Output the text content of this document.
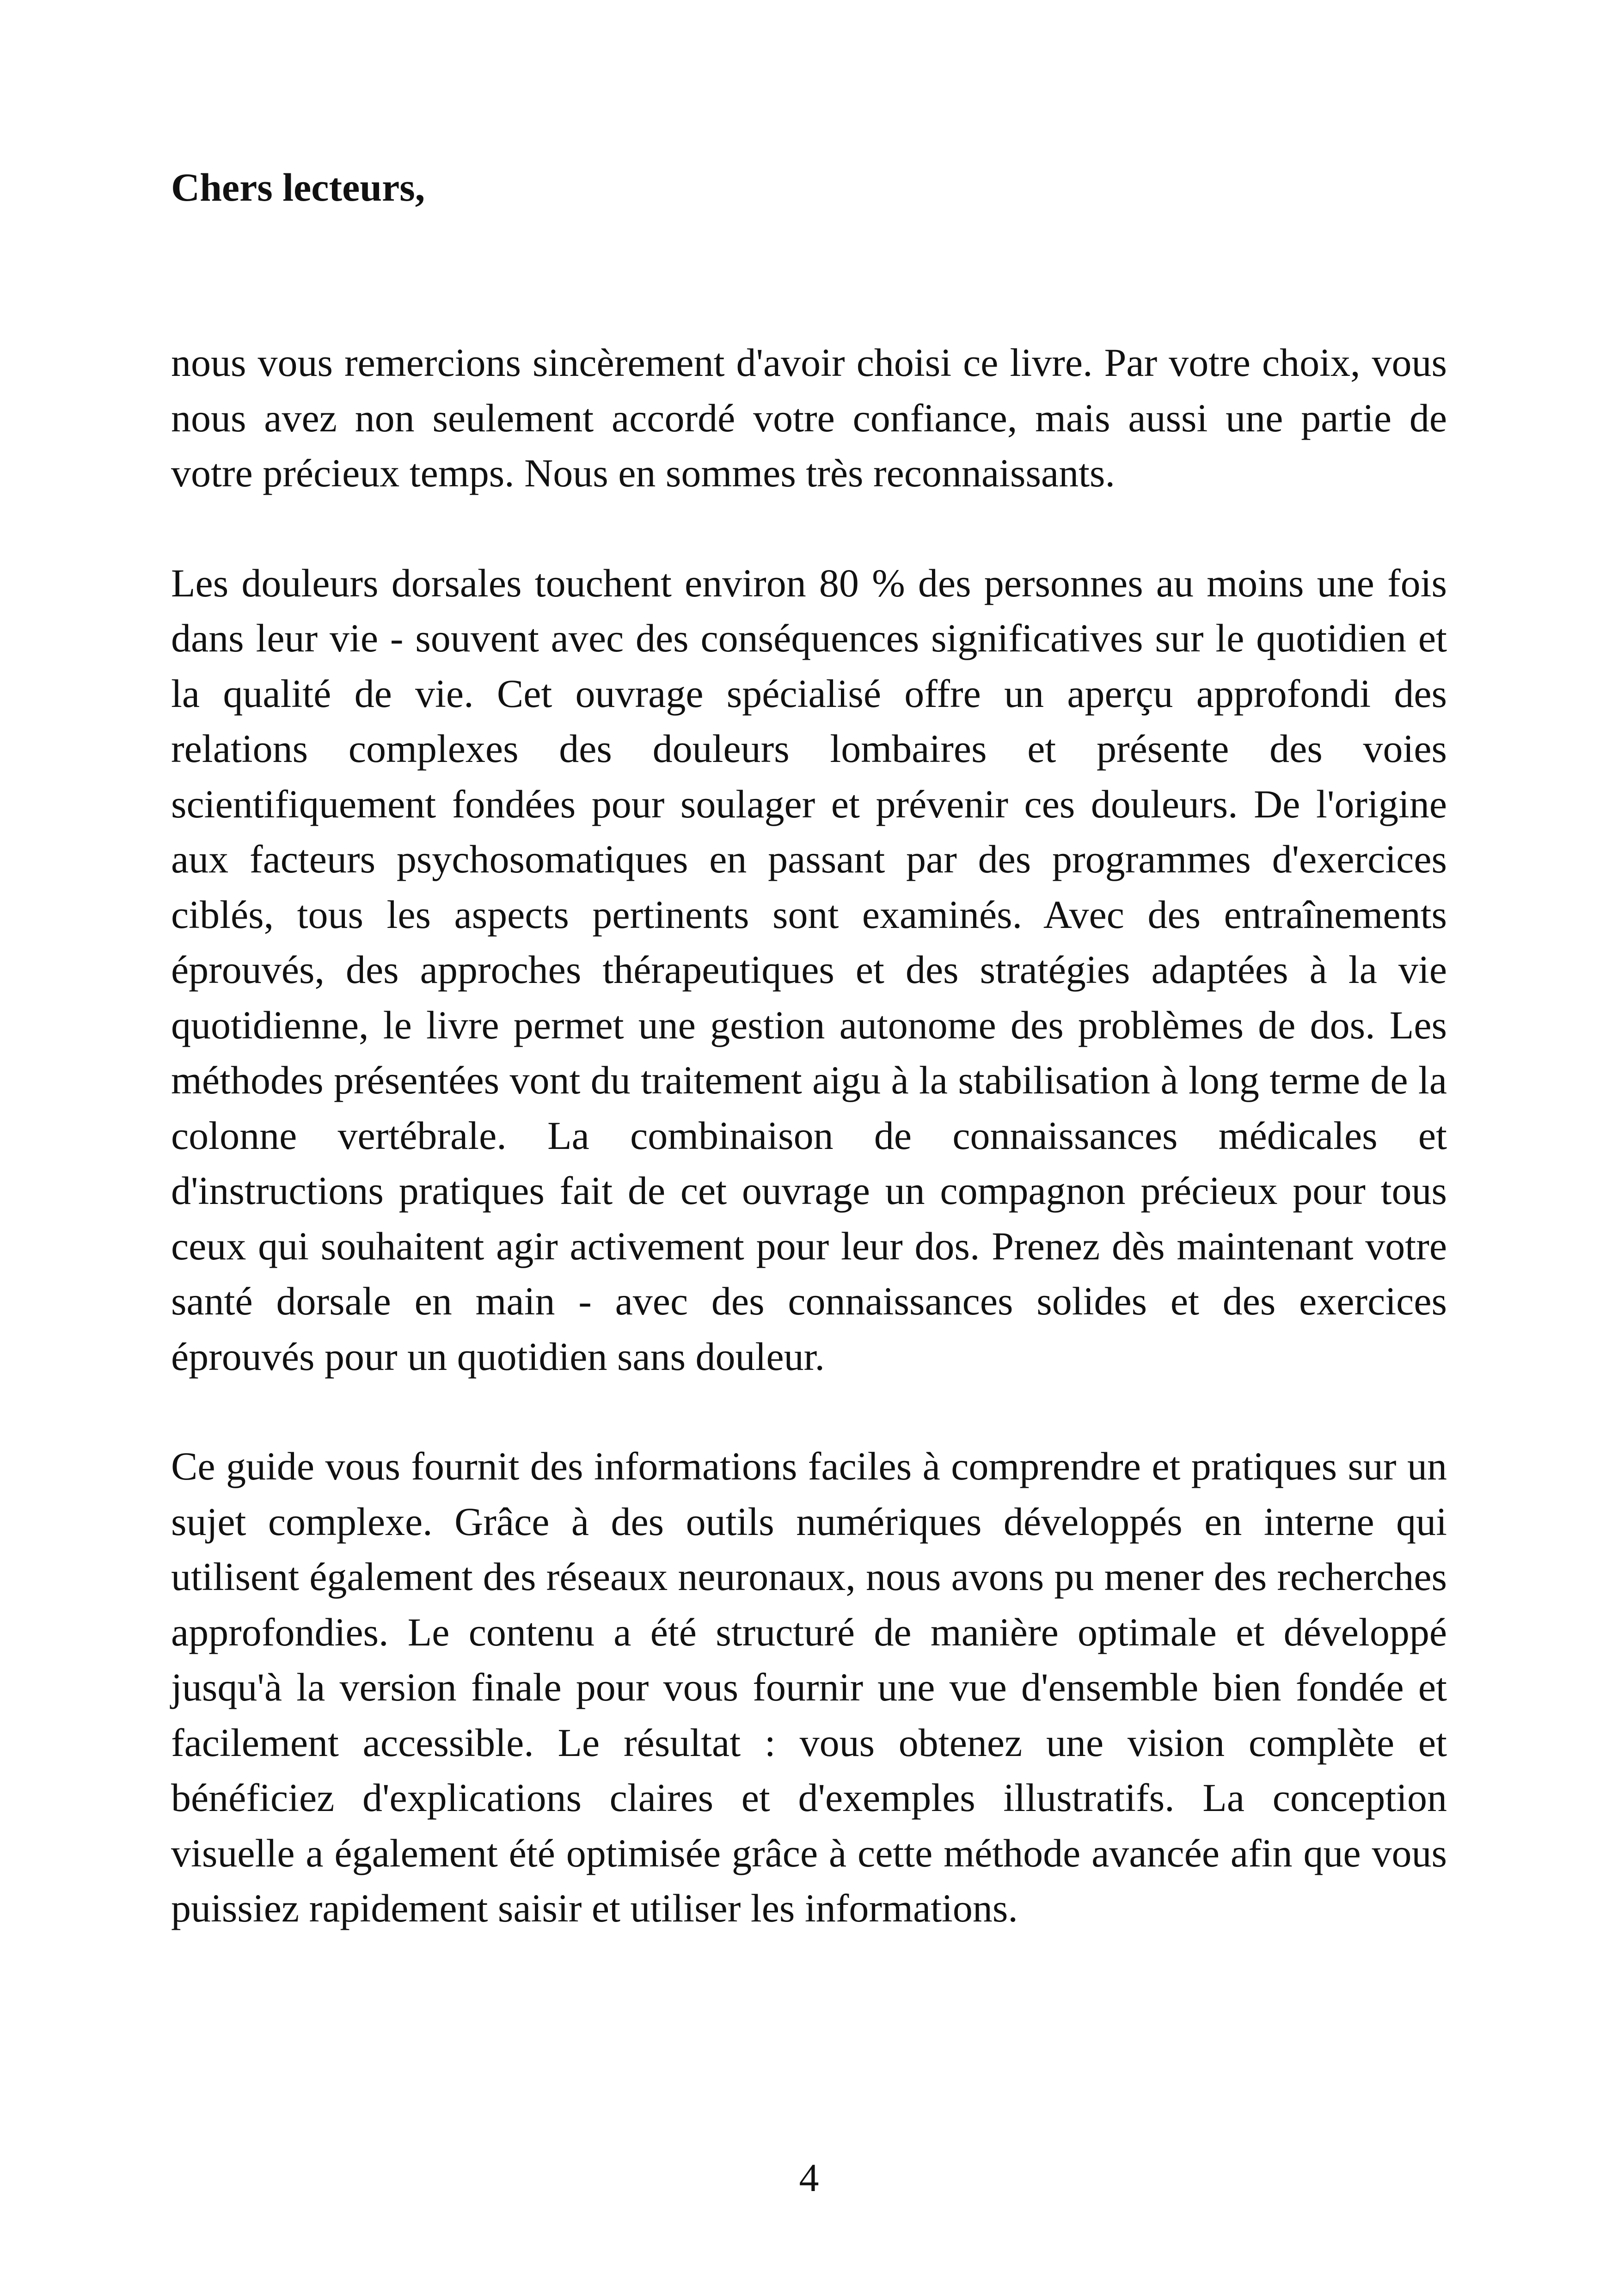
Chers lecteurs,

nous vous remercions sincèrement d'avoir choisi ce livre. Par votre choix, vous nous avez non seulement accordé votre confiance, mais aussi une partie de votre précieux temps. Nous en sommes très reconnaissants.

Les douleurs dorsales touchent environ 80 % des personnes au moins une fois dans leur vie - souvent avec des conséquences significatives sur le quotidien et la qualité de vie. Cet ouvrage spécialisé offre un aperçu approfondi des relations complexes des douleurs lombaires et présente des voies scientifiquement fondées pour soulager et prévenir ces douleurs. De l'origine aux facteurs psychosomatiques en passant par des programmes d'exercices ciblés, tous les aspects pertinents sont examinés. Avec des entraînements éprouvés, des approches thérapeutiques et des stratégies adaptées à la vie quotidienne, le livre permet une gestion autonome des problèmes de dos. Les méthodes présentées vont du traitement aigu à la stabilisation à long terme de la colonne vertébrale. La combinaison de connaissances médicales et d'instructions pratiques fait de cet ouvrage un compagnon précieux pour tous ceux qui souhaitent agir activement pour leur dos. Prenez dès maintenant votre santé dorsale en main - avec des connaissances solides et des exercices éprouvés pour un quotidien sans douleur.

Ce guide vous fournit des informations faciles à comprendre et pratiques sur un sujet complexe. Grâce à des outils numériques développés en interne qui utilisent également des réseaux neuronaux, nous avons pu mener des recherches approfondies. Le contenu a été structuré de manière optimale et développé jusqu'à la version finale pour vous fournir une vue d'ensemble bien fondée et facilement accessible. Le résultat : vous obtenez une vision complète et bénéficiez d'explications claires et d'exemples illustratifs. La conception visuelle a également été optimisée grâce à cette méthode avancée afin que vous puissiez rapidement saisir et utiliser les informations.

4
